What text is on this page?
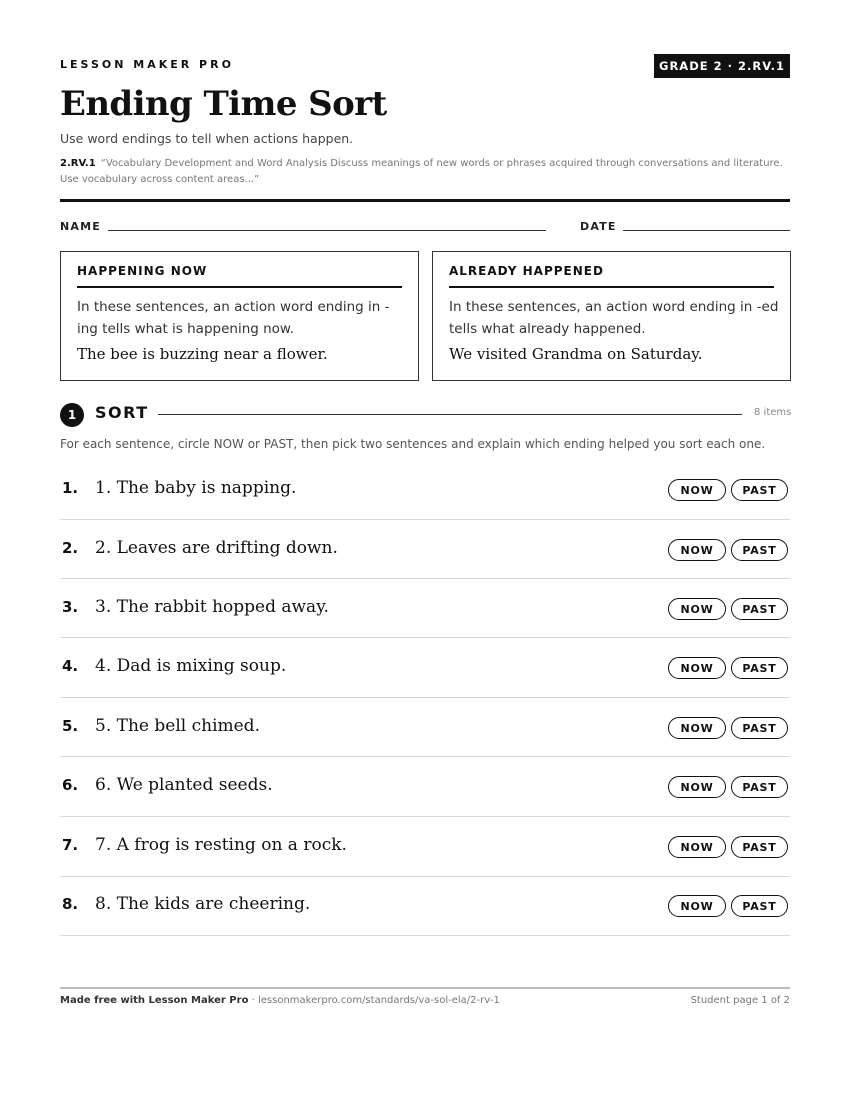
LESSON MAKER PRO	GRADE 2 · 2.RV.1
Ending Time Sort
Use word endings to tell when actions happen.
2.RV.1 “Vocabulary Development and Word Analysis Discuss meanings of new words or phrases acquired through conversations and literature. Use vocabulary across content areas...”
NAME	DATE
HAPPENING NOW
In these sentences, an action word ending in -ing tells what is happening now.
The bee is buzzing near a flower.
ALREADY HAPPENED
In these sentences, an action word ending in -ed tells what already happened.
We visited Grandma on Saturday.
1	SORT	8 items
For each sentence, circle NOW or PAST, then pick two sentences and explain which ending helped you sort each one.
1. 1. The baby is napping.	NOW	PAST
2. 2. Leaves are drifting down.	NOW	PAST
3. 3. The rabbit hopped away.	NOW	PAST
4. 4. Dad is mixing soup.	NOW	PAST
5. 5. The bell chimed.	NOW	PAST
6. 6. We planted seeds.	NOW	PAST
7. 7. A frog is resting on a rock.	NOW	PAST
8. 8. The kids are cheering.	NOW	PAST
Made free with Lesson Maker Pro · lessonmakerpro.com/standards/va-sol-ela/2-rv-1	Student page 1 of 2
